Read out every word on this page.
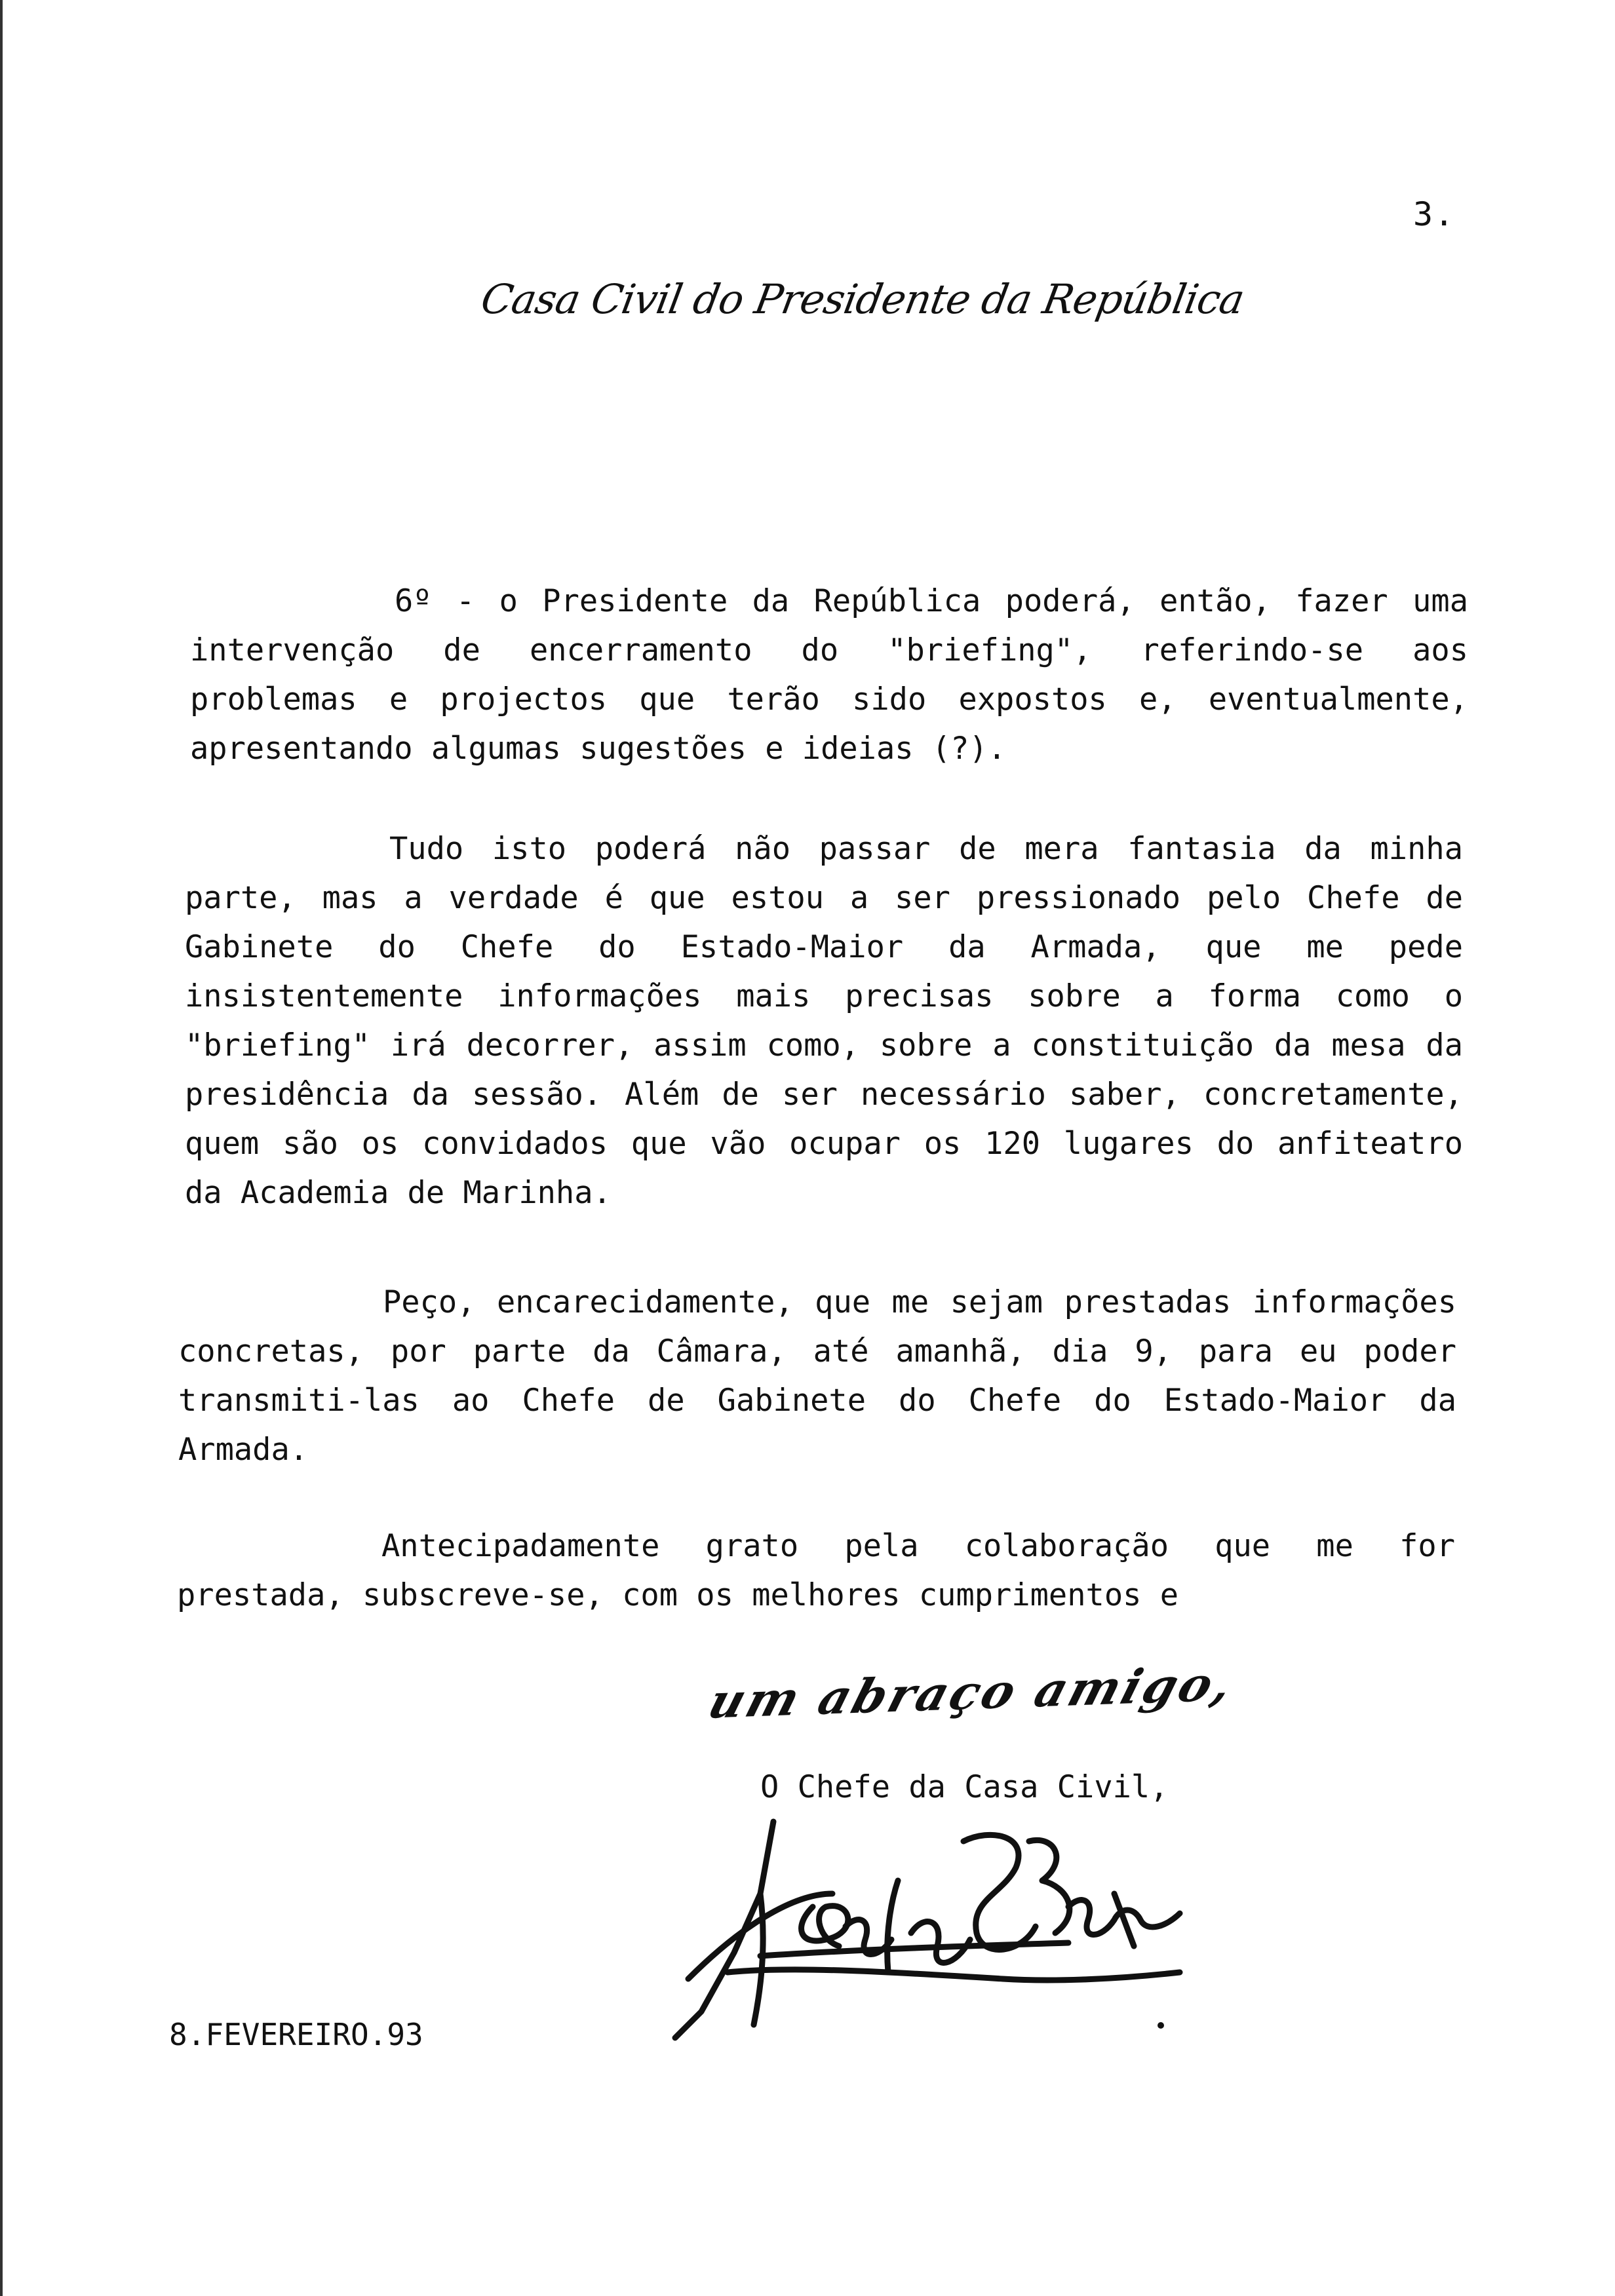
3.
Casa Civil do Presidente da República
6º - o Presidente da República poderá, então, fazer uma intervenção de encerramento do "briefing", referindo-se aos problemas e projectos que terão sido expostos e, eventualmente, apresentando algumas sugestões e ideias (?).
Tudo isto poderá não passar de mera fantasia da minha parte, mas a verdade é que estou a ser pressionado pelo Chefe de Gabinete do Chefe do Estado-Maior da Armada, que me pede insistentemente informações mais precisas sobre a forma como o "briefing" irá decorrer, assim como, sobre a constituição da mesa da presidência da sessão. Além de ser necessário saber, concretamente, quem são os convidados que vão ocupar os 120 lugares do anfiteatro da Academia de Marinha.
Peço, encarecidamente, que me sejam prestadas informações concretas, por parte da Câmara, até amanhã, dia 9, para eu poder transmiti-las ao Chefe de Gabinete do Chefe do Estado-Maior da Armada.
Antecipadamente grato pela colaboração que me for prestada, subscreve-se, com os melhores cumprimentos e
um abraço amigo,
O Chefe da Casa Civil,
8.FEVEREIRO.93
